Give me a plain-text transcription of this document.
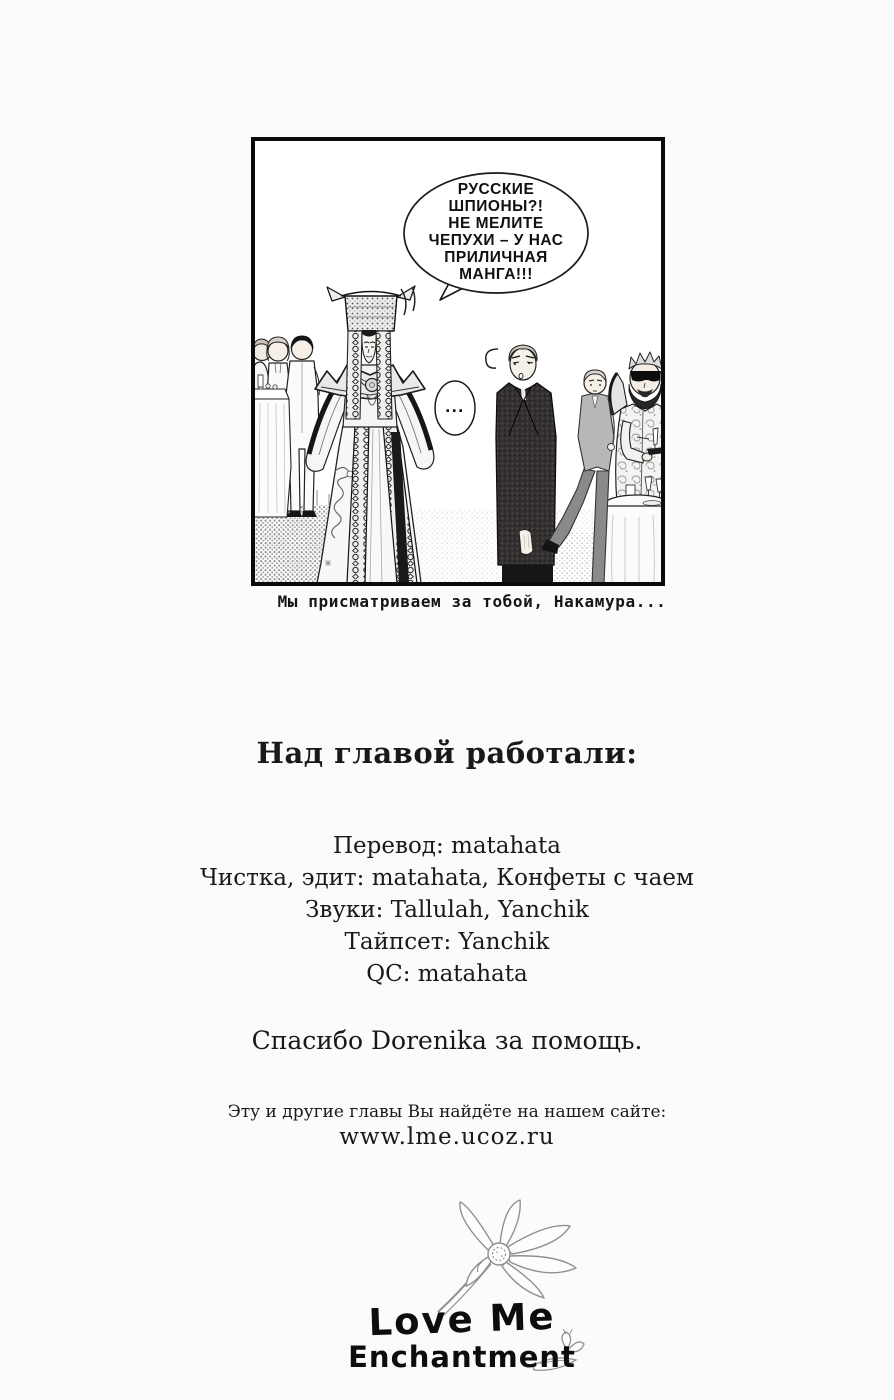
РУССКИЕ
ШПИОНЫ?!
НЕ МЕЛИТЕ
ЧЕПУХИ – У НАС
ПРИЛИЧНАЯ
МАНГА!!!
...
Мы присматриваем за тобой, Накамура...
Над главой работали:
Перевод: matahata
Чистка, эдит: matahata, Конфеты с чаем
Звуки: Tallulah, Yanchik
Тайпсет: Yanchik
QC: matahata
Спасибо Dorenika за помощь.
Эту и другие главы Вы найдёте на нашем сайте:
www.lme.ucoz.ru
Love Me
Enchantment
